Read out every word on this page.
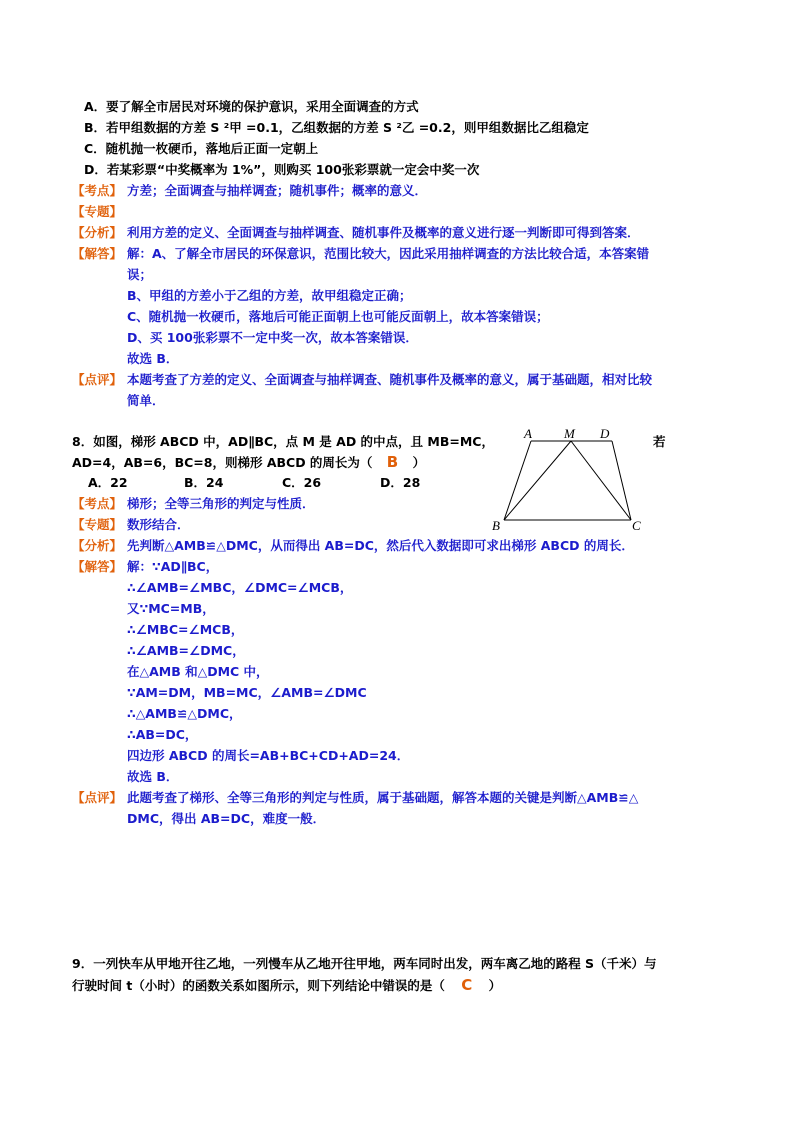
A．要了解全市居民对环境的保护意识，采用全面调查的方式
B．若甲组数据的方差 S ²甲 =0.1，乙组数据的方差 S ²乙 =0.2，则甲组数据比乙组稳定
C．随机抛一枚硬币，落地后正面一定朝上
D．若某彩票“中奖概率为 1%”，则购买 100张彩票就一定会中奖一次
【考点】 方差；全面调查与抽样调查；随机事件；概率的意义．
【专题】
【分析】 利用方差的定义、全面调查与抽样调查、随机事件及概率的意义进行逐一判断即可得到答案．
【解答】 解：A、了解全市居民的环保意识，范围比较大，因此采用抽样调查的方法比较合适，本答案错
误；
B、甲组的方差小于乙组的方差，故甲组稳定正确；
C、随机抛一枚硬币，落地后可能正面朝上也可能反面朝上，故本答案错误；
D、买 100张彩票不一定中奖一次，故本答案错误．
故选 B．
【点评】 本题考查了方差的定义、全面调查与抽样调查、随机事件及概率的意义，属于基础题，相对比较
简单．
8．如图，梯形 ABCD 中，AD∥BC，点 M 是 AD 的中点，且 MB=MC，	若
AD=4，AB=6，BC=8，则梯形 ABCD 的周长为（ B ）
A．22	B．24	C．26	D．28
A M D
B	C
【考点】 梯形；全等三角形的判定与性质．
【专题】 数形结合．
【分析】 先判断△AMB≌△DMC，从而得出 AB=DC，然后代入数据即可求出梯形 ABCD 的周长．
【解答】 解：∵AD∥BC，
∴∠AMB=∠MBC，∠DMC=∠MCB，
又∵MC=MB，
∴∠MBC=∠MCB，
∴∠AMB=∠DMC，
在△AMB 和△DMC 中，
∵AM=DM，MB=MC，∠AMB=∠DMC
∴△AMB≌△DMC，
∴AB=DC，
四边形 ABCD 的周长=AB+BC+CD+AD=24．
故选 B．
【点评】 此题考查了梯形、全等三角形的判定与性质，属于基础题，解答本题的关键是判断△AMB≌△
DMC，得出 AB=DC，难度一般．
9．一列快车从甲地开往乙地，一列慢车从乙地开往甲地，两车同时出发，两车离乙地的路程 S（千米）与
行驶时间 t（小时）的函数关系如图所示，则下列结论中错误的是（ C ）
